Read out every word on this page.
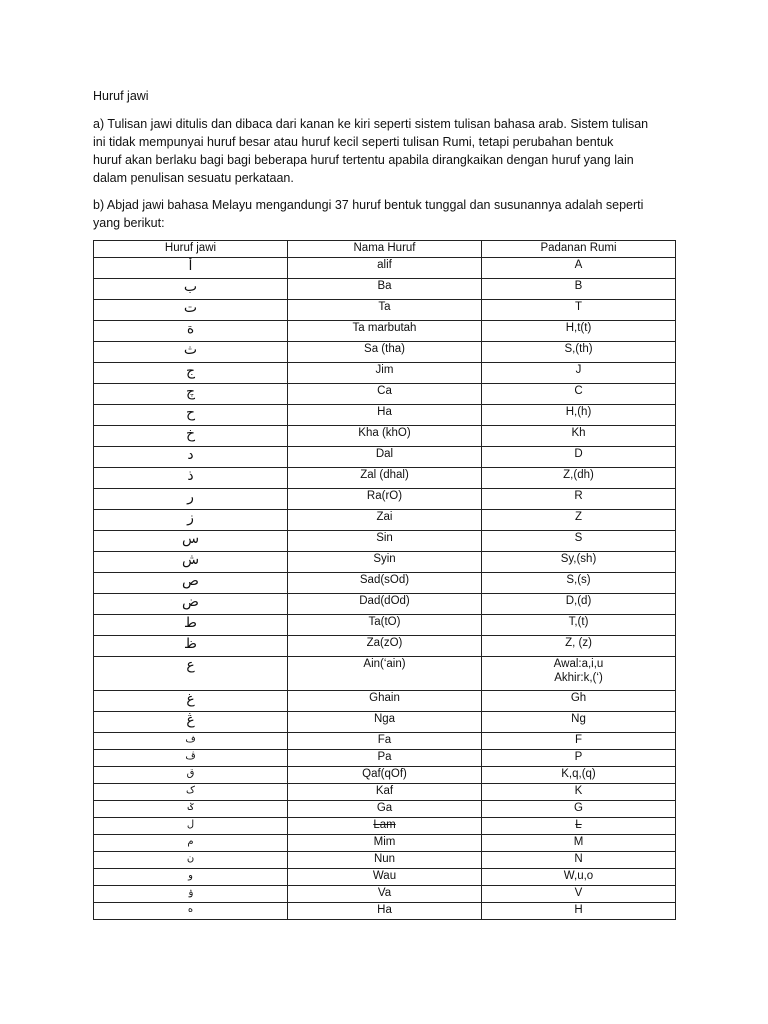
Huruf jawi
a) Tulisan jawi ditulis dan dibaca dari kanan ke kiri seperti sistem tulisan bahasa arab. Sistem tulisan
ini tidak mempunyai huruf besar atau huruf kecil seperti tulisan Rumi, tetapi perubahan bentuk
huruf akan berlaku bagi bagi beberapa huruf tertentu apabila dirangkaikan dengan huruf yang lain
dalam penulisan sesuatu perkataan.
b) Abjad jawi bahasa Melayu mengandungi 37 huruf bentuk tunggal dan susunannya adalah seperti
yang berikut:
Huruf jawi	Nama Huruf	Padanan Rumi
أ	alif	A
ب	Ba	B
ت	Ta	T
ة	Ta marbutah	H,t(t)
ث	Sa (tha)	S,(th)
ج	Jim	J
چ	Ca	C
ح	Ha	H,(h)
خ	Kha (khO)	Kh
د	Dal	D
ذ	Zal (dhal)	Z,(dh)
ر	Ra(rO)	R
ز	Zai	Z
س	Sin	S
ش	Syin	Sy,(sh)
ص	Sad(sOd)	S,(s)
ض	Dad(dOd)	D,(d)
ط	Ta(tO)	T,(t)
ظ	Za(zO)	Z, (z)
ع	Ain(‘ain)	Awal:a,i,u
Akhir:k,(‘)

غ	Ghain	Gh
ڠ	Nga	Ng
ف	Fa	F
ڤ	Pa	P
ق	Qaf(qOf)	K,q,(q)
ک	Kaf	K
ݢ	Ga	G
ل	Lam	L
م	Mim	M
ن	Nun	N
و	Wau	W,u,o
ۏ	Va	V
ه	Ha	H
